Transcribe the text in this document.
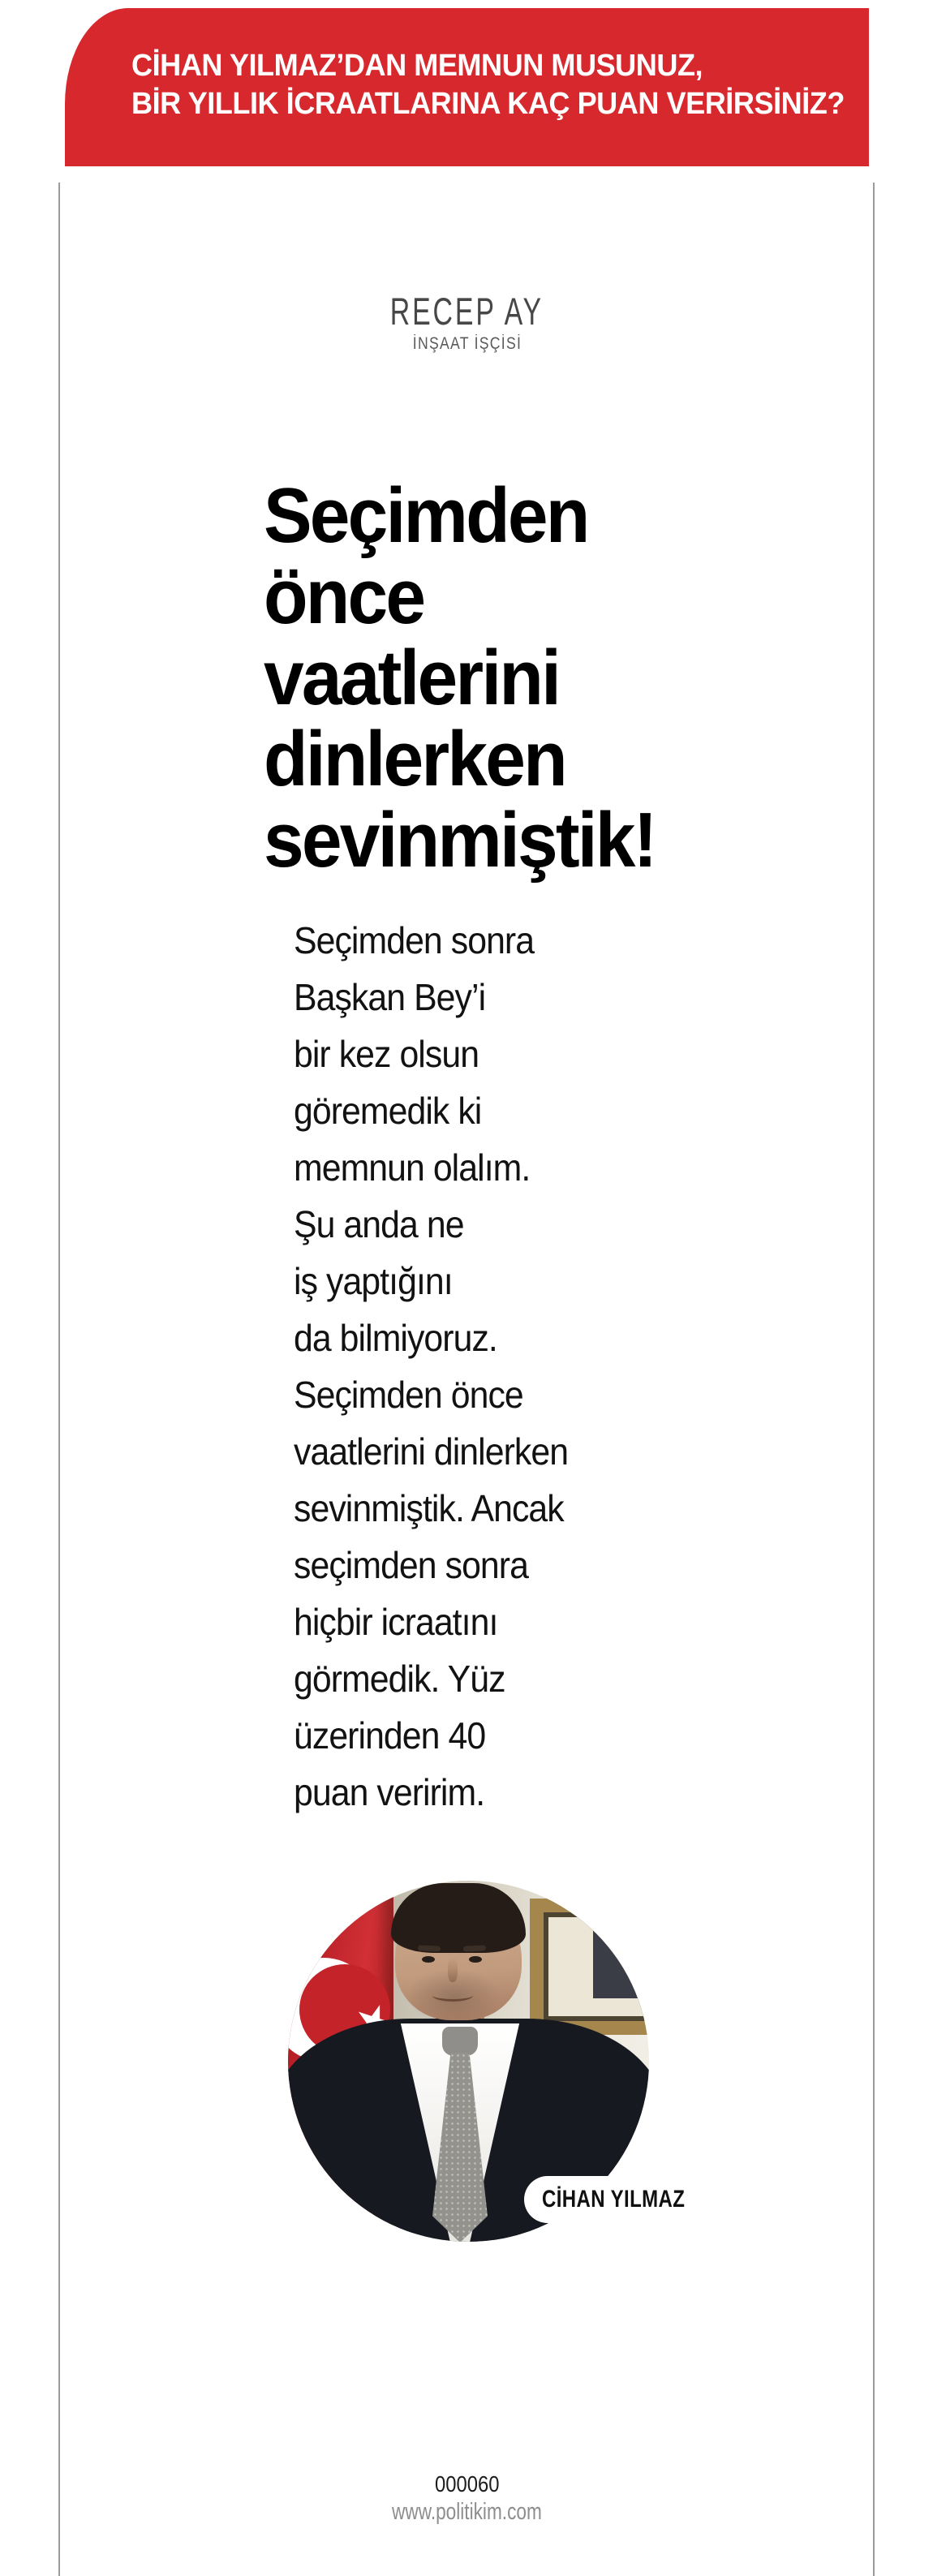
CİHAN YILMAZ’DAN MEMNUN MUSUNUZ,
BİR YILLIK İCRAATLARINA KAÇ PUAN VERİRSİNİZ?
RECEP AY
İNŞAAT İŞÇİSİ
Seçimden
önce
vaatlerini
dinlerken
sevinmiştik!
Seçimden sonra
Başkan Bey’i
bir kez olsun
göremedik ki
memnun olalım.
Şu anda ne
iş yaptığını
da bilmiyoruz.
Seçimden önce
vaatlerini dinlerken
sevinmiştik. Ancak
seçimden sonra
hiçbir icraatını
görmedik. Yüz
üzerinden 40
puan veririm.
CİHAN YILMAZ
000060
www.politikim.com
